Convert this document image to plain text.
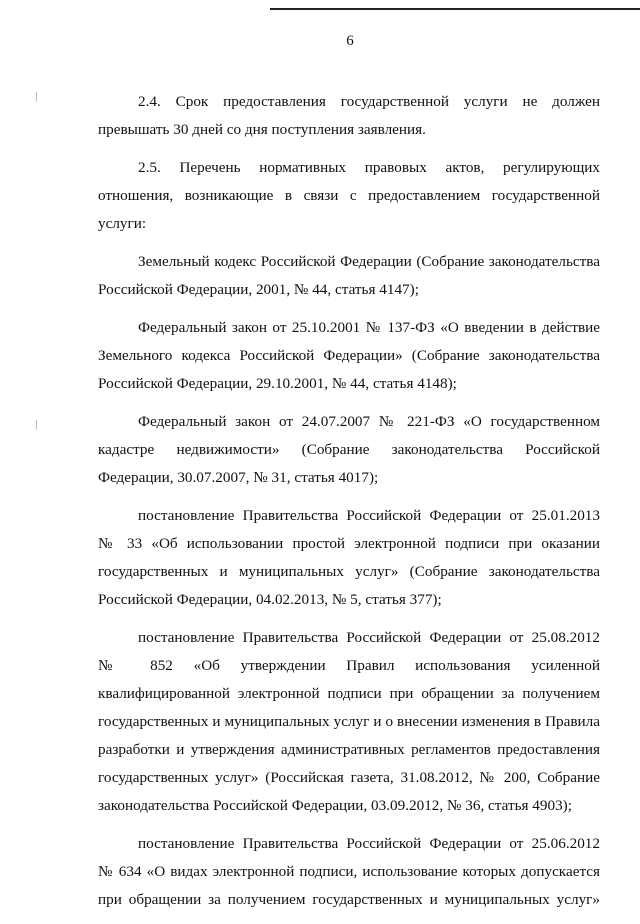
6
2.4. Срок предоставления государственной услуги не должен
превышать 30 дней со дня поступления заявления.
2.5. Перечень нормативных правовых актов, регулирующих
отношения, возникающие в связи с предоставлением государственной
услуги:
Земельный кодекс Российской Федерации (Собрание законодательства
Российской Федерации, 2001, № 44, статья 4147);
Федеральный закон от 25.10.2001 № 137-ФЗ «О введении в действие
Земельного кодекса Российской Федерации» (Собрание законодательства
Российской Федерации, 29.10.2001, № 44, статья 4148);
Федеральный закон от 24.07.2007 № 221-ФЗ «О государственном
кадастре недвижимости» (Собрание законодательства Российской
Федерации, 30.07.2007, № 31, статья 4017);
постановление Правительства Российской Федерации от 25.01.2013
№ 33 «Об использовании простой электронной подписи при оказании
государственных и муниципальных услуг» (Собрание законодательства
Российской Федерации, 04.02.2013, № 5, статья 377);
постановление Правительства Российской Федерации от 25.08.2012
№ 852 «Об утверждении Правил использования усиленной
квалифицированной электронной подписи при обращении за получением
государственных и муниципальных услуг и о внесении изменения в Правила
разработки и утверждения административных регламентов предоставления
государственных услуг» (Российская газета, 31.08.2012, № 200, Собрание
законодательства Российской Федерации, 03.09.2012, № 36, статья 4903);
постановление Правительства Российской Федерации от 25.06.2012
№ 634 «О видах электронной подписи, использование которых допускается
при обращении за получением государственных и муниципальных услуг»
